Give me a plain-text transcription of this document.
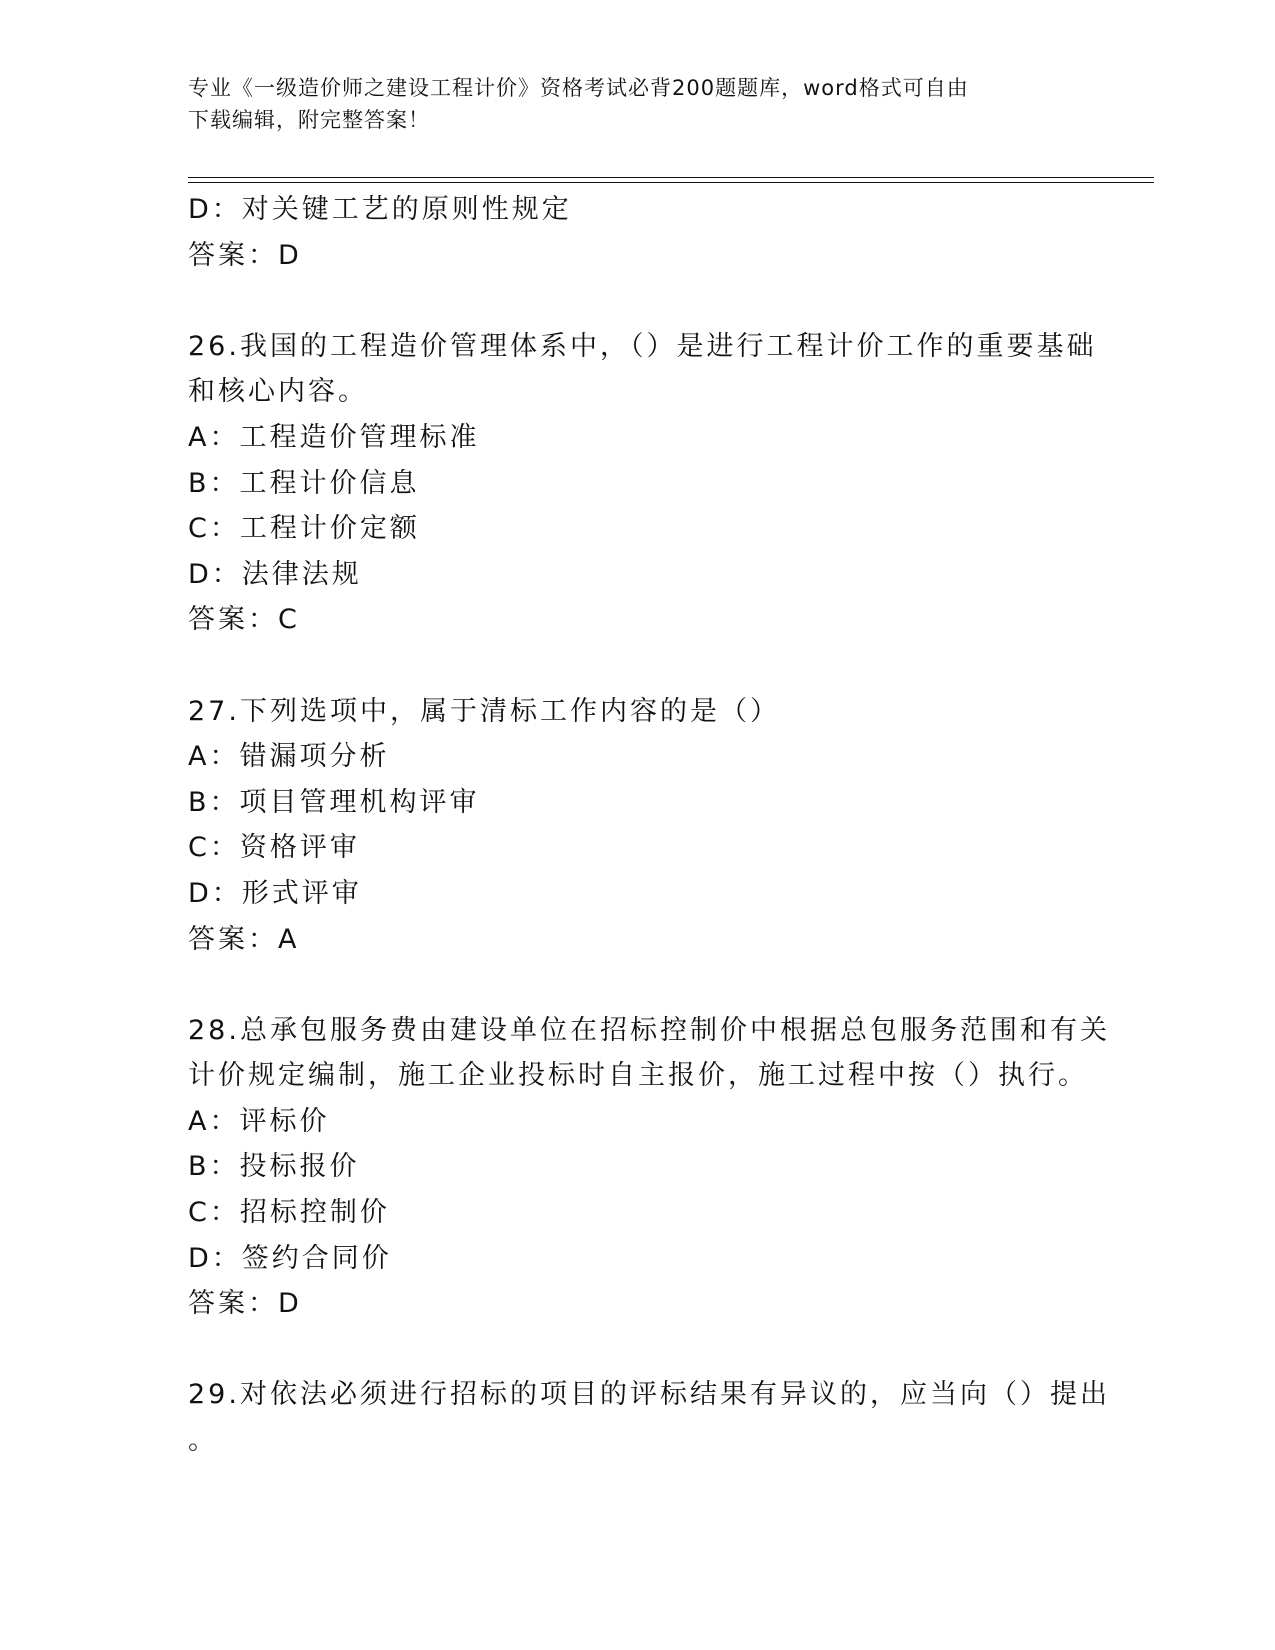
专业《一级造价师之建设工程计价》资格考试必背200题题库，word格式可自由
下载编辑，附完整答案！
D：对关键工艺的原则性规定
答案：D
26.我国的工程造价管理体系中，（）是进行工程计价工作的重要基础
和核心内容。
A：工程造价管理标准
B：工程计价信息
C：工程计价定额
D：法律法规
答案：C
27.下列选项中，属于清标工作内容的是（）
A：错漏项分析
B：项目管理机构评审
C：资格评审
D：形式评审
答案：A
28.总承包服务费由建设单位在招标控制价中根据总包服务范围和有关
计价规定编制，施工企业投标时自主报价，施工过程中按（）执行。
A：评标价
B：投标报价
C：招标控制价
D：签约合同价
答案：D
29.对依法必须进行招标的项目的评标结果有异议的，应当向（）提出
。
